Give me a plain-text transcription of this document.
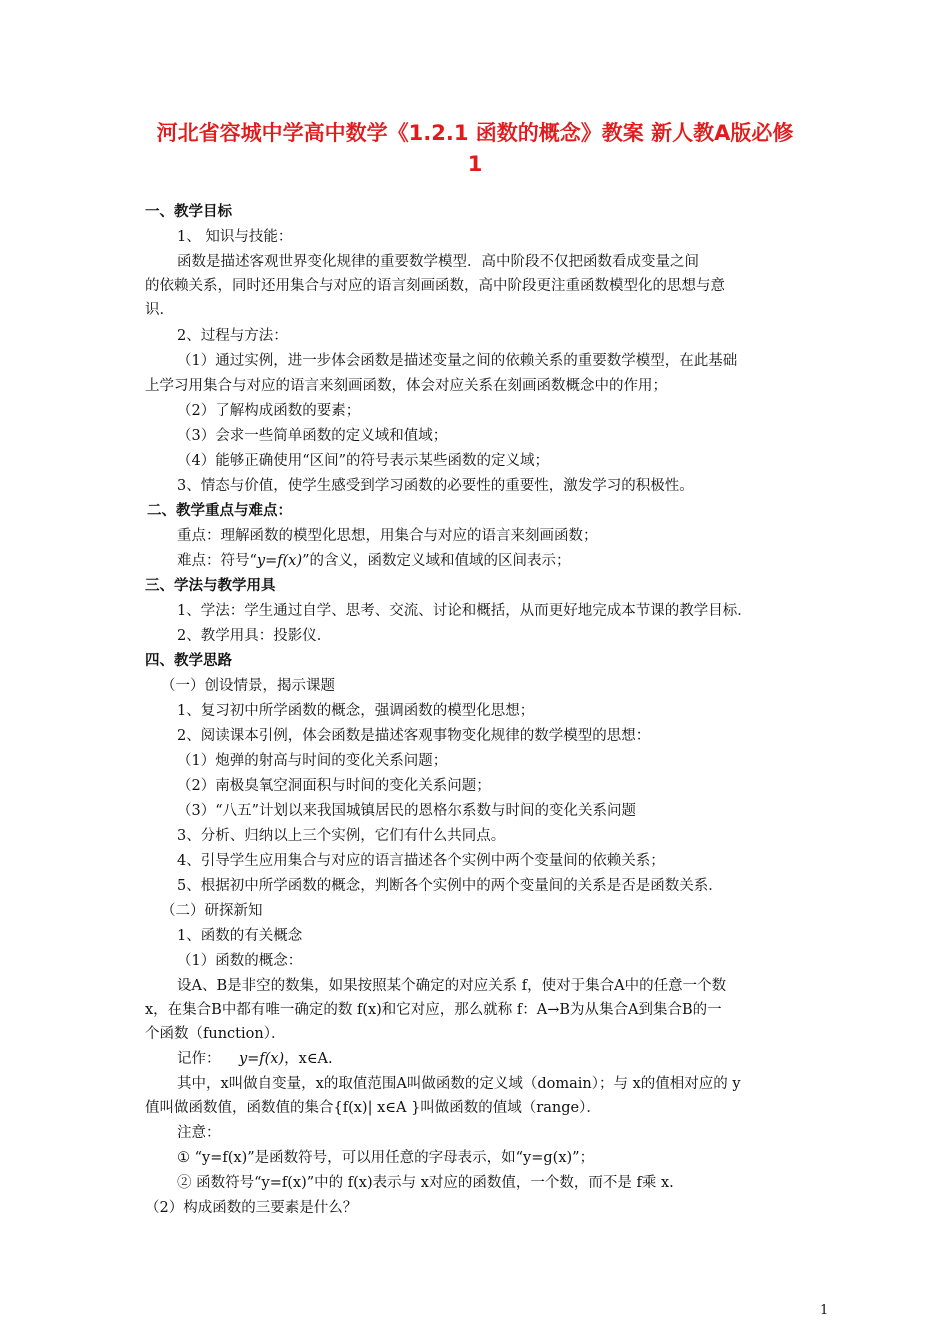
河北省容城中学高中数学《1.2.1 函数的概念》教案 新人教A版必修
1
一、教学目标
1、 知识与技能：
函数是描述客观世界变化规律的重要数学模型．高中阶段不仅把函数看成变量之间
的依赖关系，同时还用集合与对应的语言刻画函数，高中阶段更注重函数模型化的思想与意
识．
2、过程与方法：
（1）通过实例，进一步体会函数是描述变量之间的依赖关系的重要数学模型，在此基础
上学习用集合与对应的语言来刻画函数，体会对应关系在刻画函数概念中的作用；
（2）了解构成函数的要素；
（3）会求一些简单函数的定义域和值域；
（4）能够正确使用“区间”的符号表示某些函数的定义域；
3、情态与价值，使学生感受到学习函数的必要性的重要性，激发学习的积极性。
二、教学重点与难点：
重点：理解函数的模型化思想，用集合与对应的语言来刻画函数；
难点：符号“y=f(x)”的含义，函数定义域和值域的区间表示；
三、学法与教学用具
1、学法：学生通过自学、思考、交流、讨论和概括，从而更好地完成本节课的教学目标．
2、教学用具：投影仪．
四、教学思路
（一）创设情景，揭示课题
1、复习初中所学函数的概念，强调函数的模型化思想；
2、阅读课本引例，体会函数是描述客观事物变化规律的数学模型的思想：
（1）炮弹的射高与时间的变化关系问题；
（2）南极臭氧空洞面积与时间的变化关系问题；
（3）“八五”计划以来我国城镇居民的恩格尔系数与时间的变化关系问题
3、分析、归纳以上三个实例，它们有什么共同点。
4、引导学生应用集合与对应的语言描述各个实例中两个变量间的依赖关系；
5、根据初中所学函数的概念，判断各个实例中的两个变量间的关系是否是函数关系．
（二）研探新知
1、函数的有关概念
（1）函数的概念：
设A、B是非空的数集，如果按照某个确定的对应关系 f，使对于集合A中的任意一个数
x，在集合B中都有唯一确定的数 f(x)和它对应，那么就称 f：A→B为从集合A到集合B的一
个函数（function）．
记作： y=f(x)，x∈A.
其中，x叫做自变量，x的取值范围A叫做函数的定义域（domain）；与 x的值相对应的 y
值叫做函数值，函数值的集合{f(x)| x∈A }叫做函数的值域（range）．
注意：
① “y=f(x)”是函数符号，可以用任意的字母表示，如“y=g(x)”；
② 函数符号“y=f(x)”中的 f(x)表示与 x对应的函数值，一个数，而不是 f乘 x.
（2）构成函数的三要素是什么？
1
